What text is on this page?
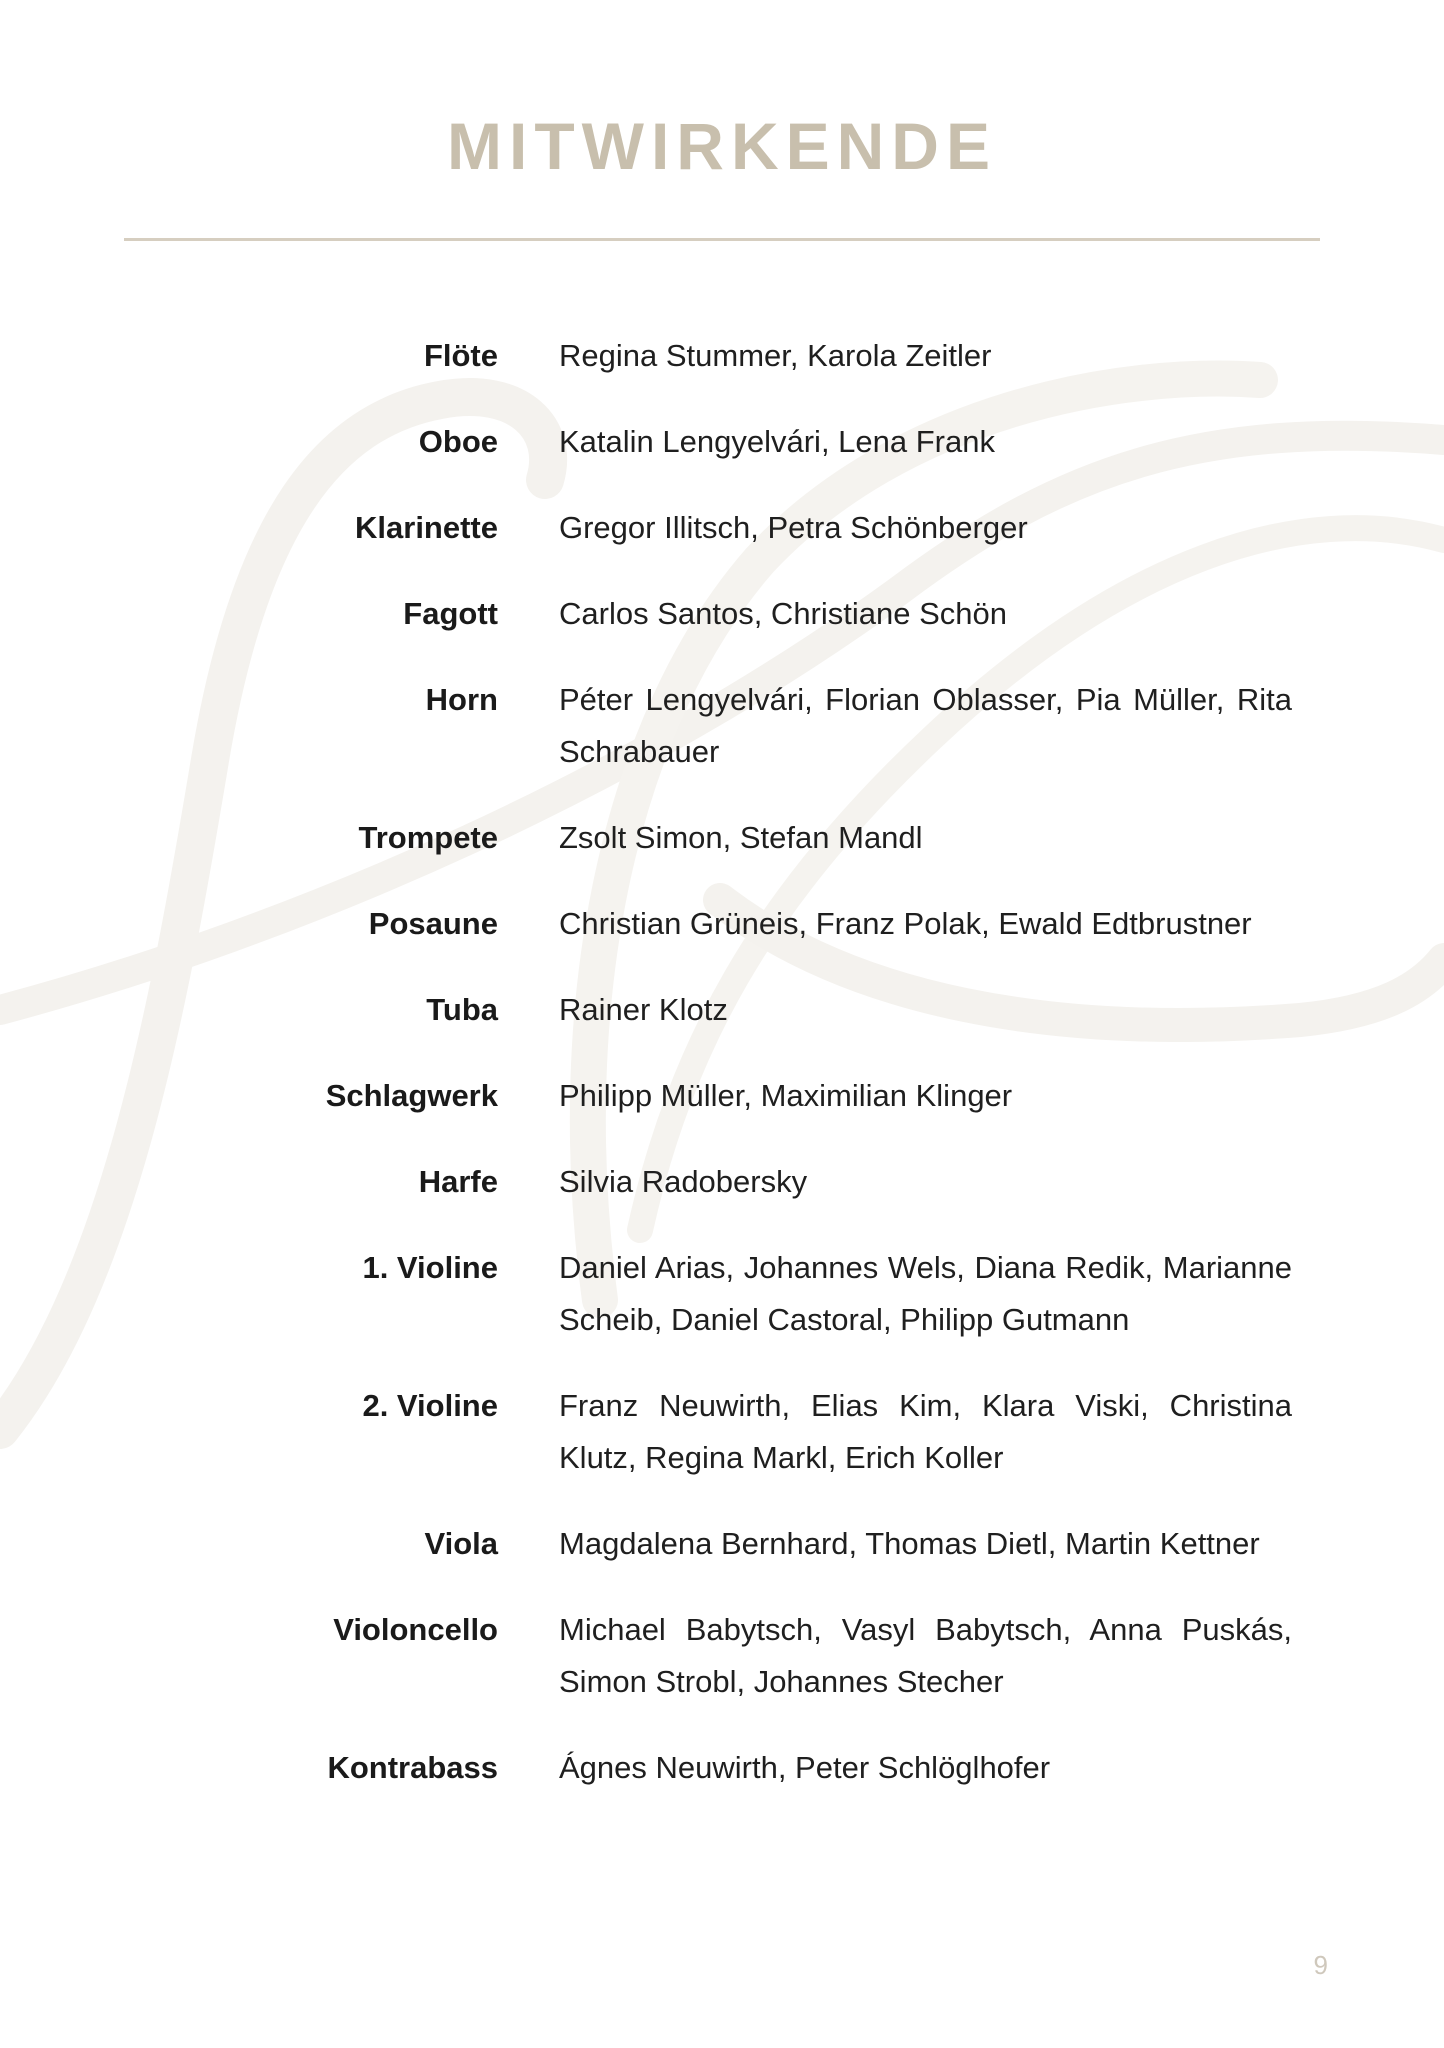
MITWIRKENDE
Flöte Regina Stummer, Karola Zeitler
Oboe Katalin Lengyelvári, Lena Frank
Klarinette Gregor Illitsch, Petra Schönberger
Fagott Carlos Santos, Christiane Schön
Horn Péter Lengyelvári, Florian Oblasser, Pia Müller, Rita Schrabauer
Trompete Zsolt Simon, Stefan Mandl
Posaune Christian Grüneis, Franz Polak, Ewald Edtbrustner
Tuba Rainer Klotz
Schlagwerk Philipp Müller, Maximilian Klinger
Harfe Silvia Radobersky
1. Violine Daniel Arias, Johannes Wels, Diana Redik, Marianne Scheib, Daniel Castoral, Philipp Gutmann
2. Violine Franz Neuwirth, Elias Kim, Klara Viski, Christina Klutz, Regina Markl, Erich Koller
Viola Magdalena Bernhard, Thomas Dietl, Martin Kettner
Violoncello Michael Babytsch, Vasyl Babytsch, Anna Puskás, Simon Strobl, Johannes Stecher
Kontrabass Ágnes Neuwirth, Peter Schlöglhofer
9
